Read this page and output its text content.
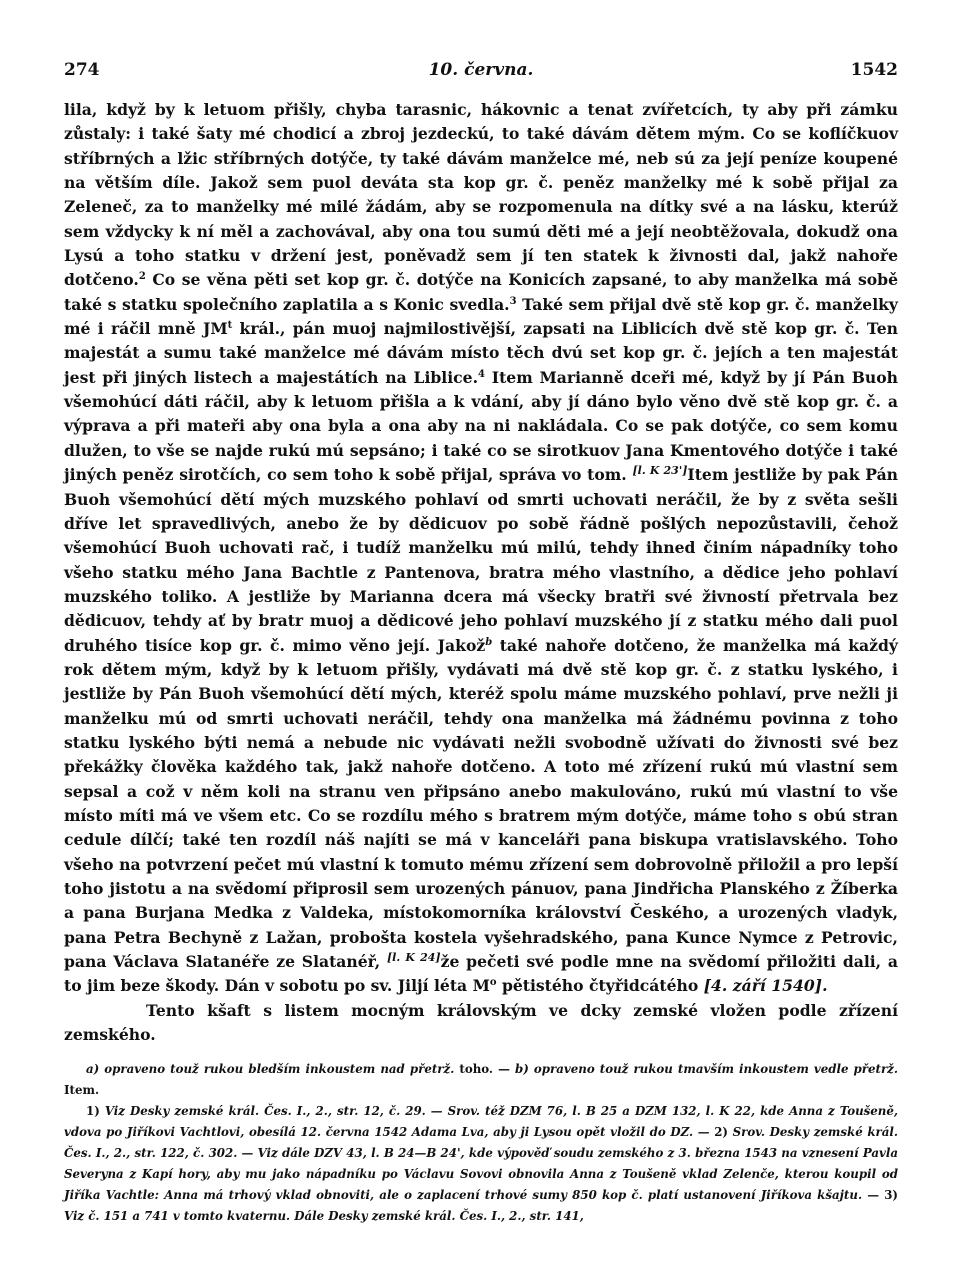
274	10. června.	1542

lila, když by k letuom přišly, chyba tarasnic, hákovnic a tenat zvířetcích, ty aby při zámku zůstaly: i také šaty mé chodicí a zbroj jezdeckú, to také dávám dětem mým. Co se koflíčkuov stříbrných a lžic stříbrných dotýče, ty také dávám manželce mé, neb sú za její peníze koupené na větším díle. Jakož sem puol deváta sta kop gr. č. peněz manželky mé k sobě přijal za Zeleneč, za to manželky mé milé žádám, aby se rozpomenula na dítky své a na lásku, kterúž sem vždycky k ní měl a zachovával, aby ona tou sumú děti mé a její neobtěžovala, dokudž ona Lysú a toho statku v držení jest, poněvadž sem jí ten statek k živnosti dal, jakž nahoře dotčeno.$^2$ Co se věna pěti set kop gr. č. dotýče na Konicích zapsané, to aby manželka má sobě také s statku společního zaplatila a s Konic svedla.$^3$ Také sem přijal dvě stě kop gr. č. manželky mé i ráčil mně $JM^t$ král., pán muoj najmilostivější, zapsati na Liblicích dvě stě kop gr. č. Ten majestát a sumu také manželce mé dávám místo těch dvú set kop gr. č. jejích a ten majestát jest při jiných listech a majestátích na Liblice.$^4$ Item Marianně dceři mé, když by jí Pán Buoh všemohúcí dáti ráčil, aby k letuom přišla a k vdání, aby jí dáno bylo věno dvě stě kop gr. č. a výprava a při mateři aby ona byla a ona aby na ni nakládala. Co se pak dotýče, co sem komu dlužen, to vše se najde rukú mú sepsáno; i také co se sirotkuov Jana Kmentového dotýče i také jiných peněz sirotčích, co sem toho k sobě přijal, správa vo tom. [l. K 23']Item jestliže by pak Pán Buoh všemohúcí dětí mých muzského pohlaví od smrti uchovati neráčil, že by z světa sešli dříve let spravedlivých, anebo že by dědicuov po sobě řádně pošlých nepozůstavili, čehož všemohúcí Buoh uchovati rač, i tudíž manželku mú milú, tehdy ihned činím nápadníky toho všeho statku mého Jana Bachtle z Pantenova, bratra mého vlastního, a dědice jeho pohlaví muzského toliko. A jestliže by Marianna dcera má všecky bratři své živností přetrvala bez dědicuov, tehdy ať by bratr muoj a dědicové jeho pohlaví muzského jí z statku mého dali puol druhého tisíce kop gr. č. mimo věno její. Jakož$^b$ také nahoře dotčeno, že manželka má každý rok dětem mým, když by k letuom přišly, vydávati má dvě stě kop gr. č. z statku lyského, i jestliže by Pán Buoh všemohúcí dětí mých, kteréž spolu máme muzského pohlaví, prve nežli ji manželku mú od smrti uchovati neráčil, tehdy ona manželka má žádnému povinna z toho statku lyského býti nemá a nebude nic vydávati nežli svobodně užívati do živnosti své bez překážky člověka každého tak, jakž nahoře dotčeno. A toto mé zřízení rukú mú vlastní sem sepsal a což v něm koli na stranu ven připsáno anebo makulováno, rukú mú vlastní to vše místo míti má ve všem etc. Co se rozdílu mého s bratrem mým dotýče, máme toho s obú stran cedule dílčí; také ten rozdíl náš najíti se má v kanceláři pana biskupa vratislavského. Toho všeho na potvrzení pečet mú vlastní k tomuto mému zřízení sem dobrovolně přiložil a pro lepší toho jistotu a na svědomí připrosil sem urozených pánuov, pana Jindřicha Planského z Žíberka a pana Burjana Medka z Valdeka, místokomorníka království Českého, a urozených vladyk, pana Petra Bechyně z Lažan, probošta kostela vyšehradského, pana Kunce Nymce z Petrovic, pana Václava Slatanéře ze Slatanéř, [l. K 24]že pečeti své podle mne na svědomí přiložiti dali, a to jim beze škody. Dán v sobotu po sv. Jiljí léta $M^o$ pětistého čtyřidcátého [4. září 1540].

Tento kšaft s listem mocným královským ve dcky zemské vložen podle zřízení zemského.

a) opraveno touž rukou bledším inkoustem nad přetrž. toho. — b) opraveno touž rukou tmavším inkoustem vedle přetrž. Item.

1) Viz Desky zemské král. Čes. I., 2., str. 12, č. 29. — Srov. též DZM 76, l. B 25 a DZM 132, l. K 22, kde Anna z Toušeně, vdova po Jiříkovi Vachtlovi, obesílá 12. června 1542 Adama Lva, aby ji Lysou opět vložil do DZ. — 2) Srov. Desky zemské král. Čes. I., 2., str. 122, č. 302. — Viz dále DZV 43, l. B 24—B 24', kde výpověď soudu zemského z 3. března 1543 na vznesení Pavla Severyna z Kapí hory, aby mu jako nápadníku po Václavu Sovovi obnovila Anna z Toušeně vklad Zelenče, kterou koupil od Jiříka Vachtle: Anna má trhový vklad obnoviti, ale o zaplacení trhové sumy 850 kop č. platí ustanovení Jiříkova kšajtu. — 3) Viz č. 151 a 741 v tomto kvaternu. Dále Desky zemské král. Čes. I., 2., str. 141,
